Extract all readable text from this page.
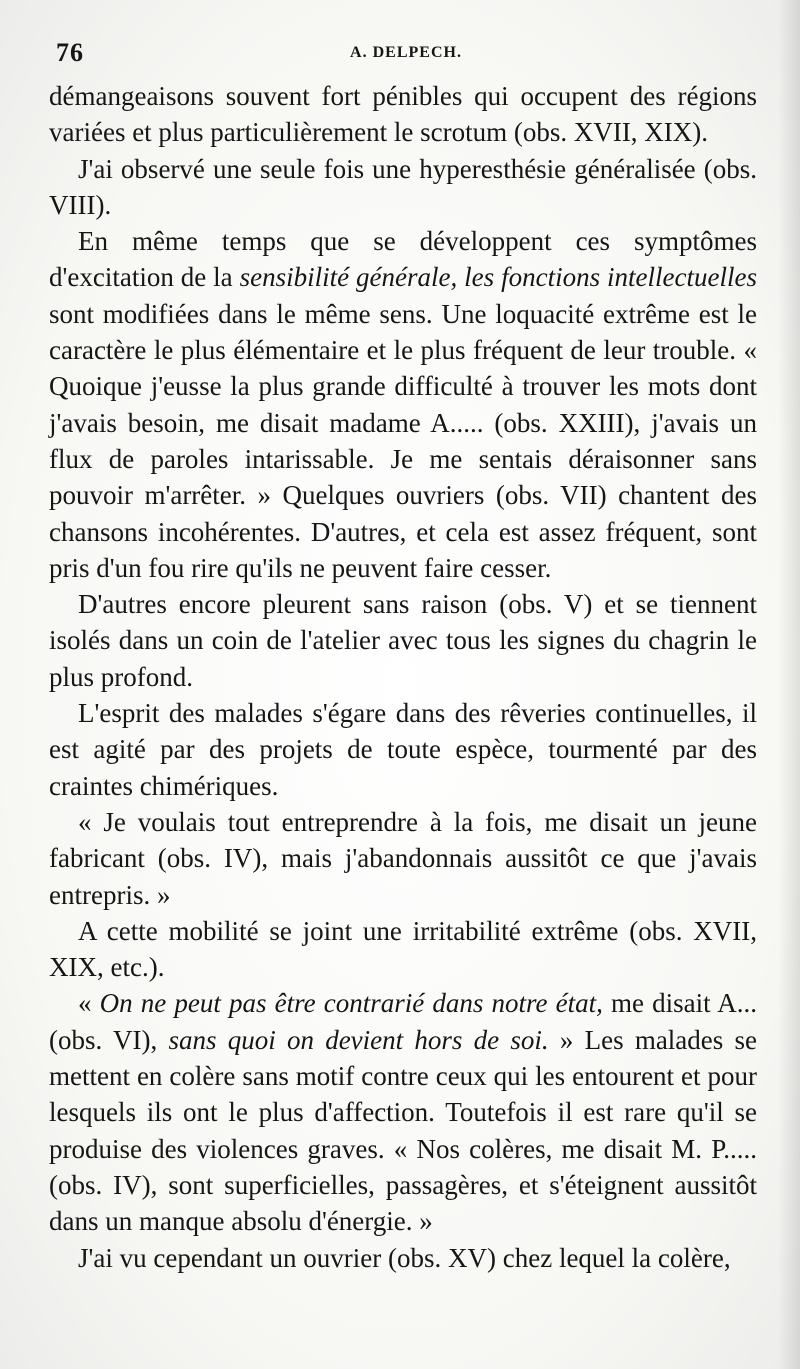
76	A. DELPECH.

démangeaisons souvent fort pénibles qui occupent des régions variées et plus particulièrement le scrotum (obs. XVII, XIX).

J'ai observé une seule fois une hyperesthésie généralisée (obs. VIII).

En même temps que se développent ces symptômes d'excitation de la sensibilité générale, les fonctions intellectuelles sont modifiées dans le même sens. Une loquacité extrême est le caractère le plus élémentaire et le plus fréquent de leur trouble. « Quoique j'eusse la plus grande difficulté à trouver les mots dont j'avais besoin, me disait madame A..... (obs. XXIII), j'avais un flux de paroles intarissable. Je me sentais déraisonner sans pouvoir m'arrêter. » Quelques ouvriers (obs. VII) chantent des chansons incohérentes. D'autres, et cela est assez fréquent, sont pris d'un fou rire qu'ils ne peuvent faire cesser.

D'autres encore pleurent sans raison (obs. V) et se tiennent isolés dans un coin de l'atelier avec tous les signes du chagrin le plus profond.

L'esprit des malades s'égare dans des rêveries continuelles, il est agité par des projets de toute espèce, tourmenté par des craintes chimériques.

« Je voulais tout entreprendre à la fois, me disait un jeune fabricant (obs. IV), mais j'abandonnais aussitôt ce que j'avais entrepris. »

A cette mobilité se joint une irritabilité extrême (obs. XVII, XIX, etc.).

« On ne peut pas être contrarié dans notre état, me disait A... (obs. VI), sans quoi on devient hors de soi. » Les malades se mettent en colère sans motif contre ceux qui les entourent et pour lesquels ils ont le plus d'affection. Toutefois il est rare qu'il se produise des violences graves. « Nos colères, me disait M. P..... (obs. IV), sont superficielles, passagères, et s'éteignent aussitôt dans un manque absolu d'énergie. »

J'ai vu cependant un ouvrier (obs. XV) chez lequel la colère,
